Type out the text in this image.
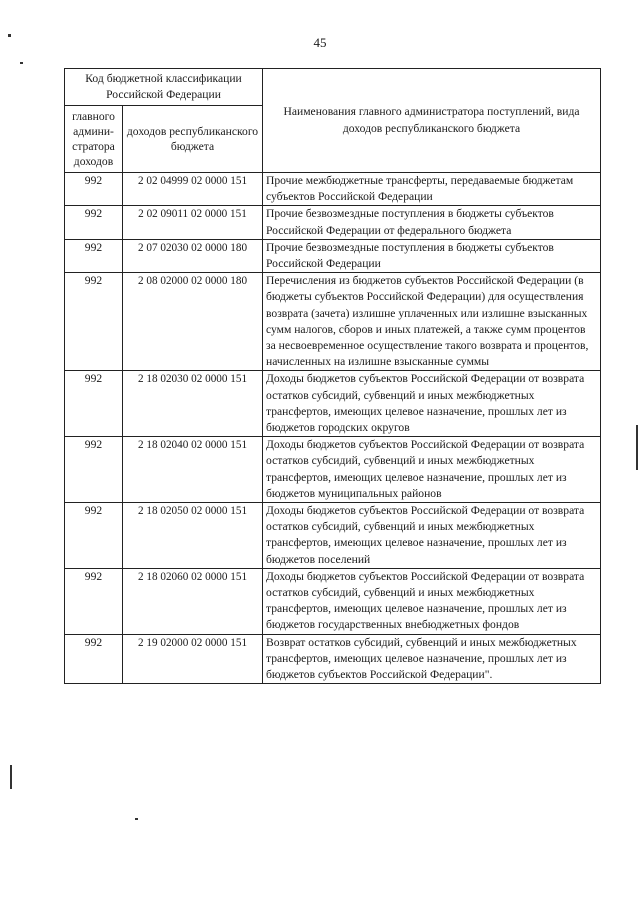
45
Код бюджетной классификации Российской Федерации		Наименования главного администратора поступлений, вида доходов республиканского бюджета
главного админи-стратора доходов	доходов республиканского бюджета	
992	2 02 04999 02 0000 151	Прочие межбюджетные трансферты, передаваемые бюджетам субъектов Российской Федерации
992	2 02 09011 02 0000 151	Прочие безвозмездные поступления в бюджеты субъектов Российской Федерации от федерального бюджета
992	2 07 02030 02 0000 180	Прочие безвозмездные поступления в бюджеты субъектов Российской Федерации
992	2 08 02000 02 0000 180	Перечисления из бюджетов субъектов Российской Федерации (в бюджеты субъектов Российской Федерации) для осуществления возврата (зачета) излишне уплаченных или излишне взысканных сумм налогов, сборов и иных платежей, а также сумм процентов за несвоевременное осуществление такого возврата и процентов, начисленных на излишне взысканные суммы
992	2 18 02030 02 0000 151	Доходы бюджетов субъектов Российской Федерации от возврата остатков субсидий, субвенций и иных межбюджетных трансфертов, имеющих целевое назначение, прошлых лет из бюджетов городских округов
992	2 18 02040 02 0000 151	Доходы бюджетов субъектов Российской Федерации от возврата остатков субсидий, субвенций и иных межбюджетных трансфертов, имеющих целевое назначение, прошлых лет из бюджетов муниципальных районов
992	2 18 02050 02 0000 151	Доходы бюджетов субъектов Российской Федерации от возврата остатков субсидий, субвенций и иных межбюджетных трансфертов, имеющих целевое назначение, прошлых лет из бюджетов поселений
992	2 18 02060 02 0000 151	Доходы бюджетов субъектов Российской Федерации от возврата остатков субсидий, субвенций и иных межбюджетных трансфертов, имеющих целевое назначение, прошлых лет из бюджетов государственных внебюджетных фондов
992	2 19 02000 02 0000 151	Возврат остатков субсидий, субвенций и иных межбюджетных трансфертов, имеющих целевое назначение, прошлых лет из бюджетов субъектов Российской Федерации".
